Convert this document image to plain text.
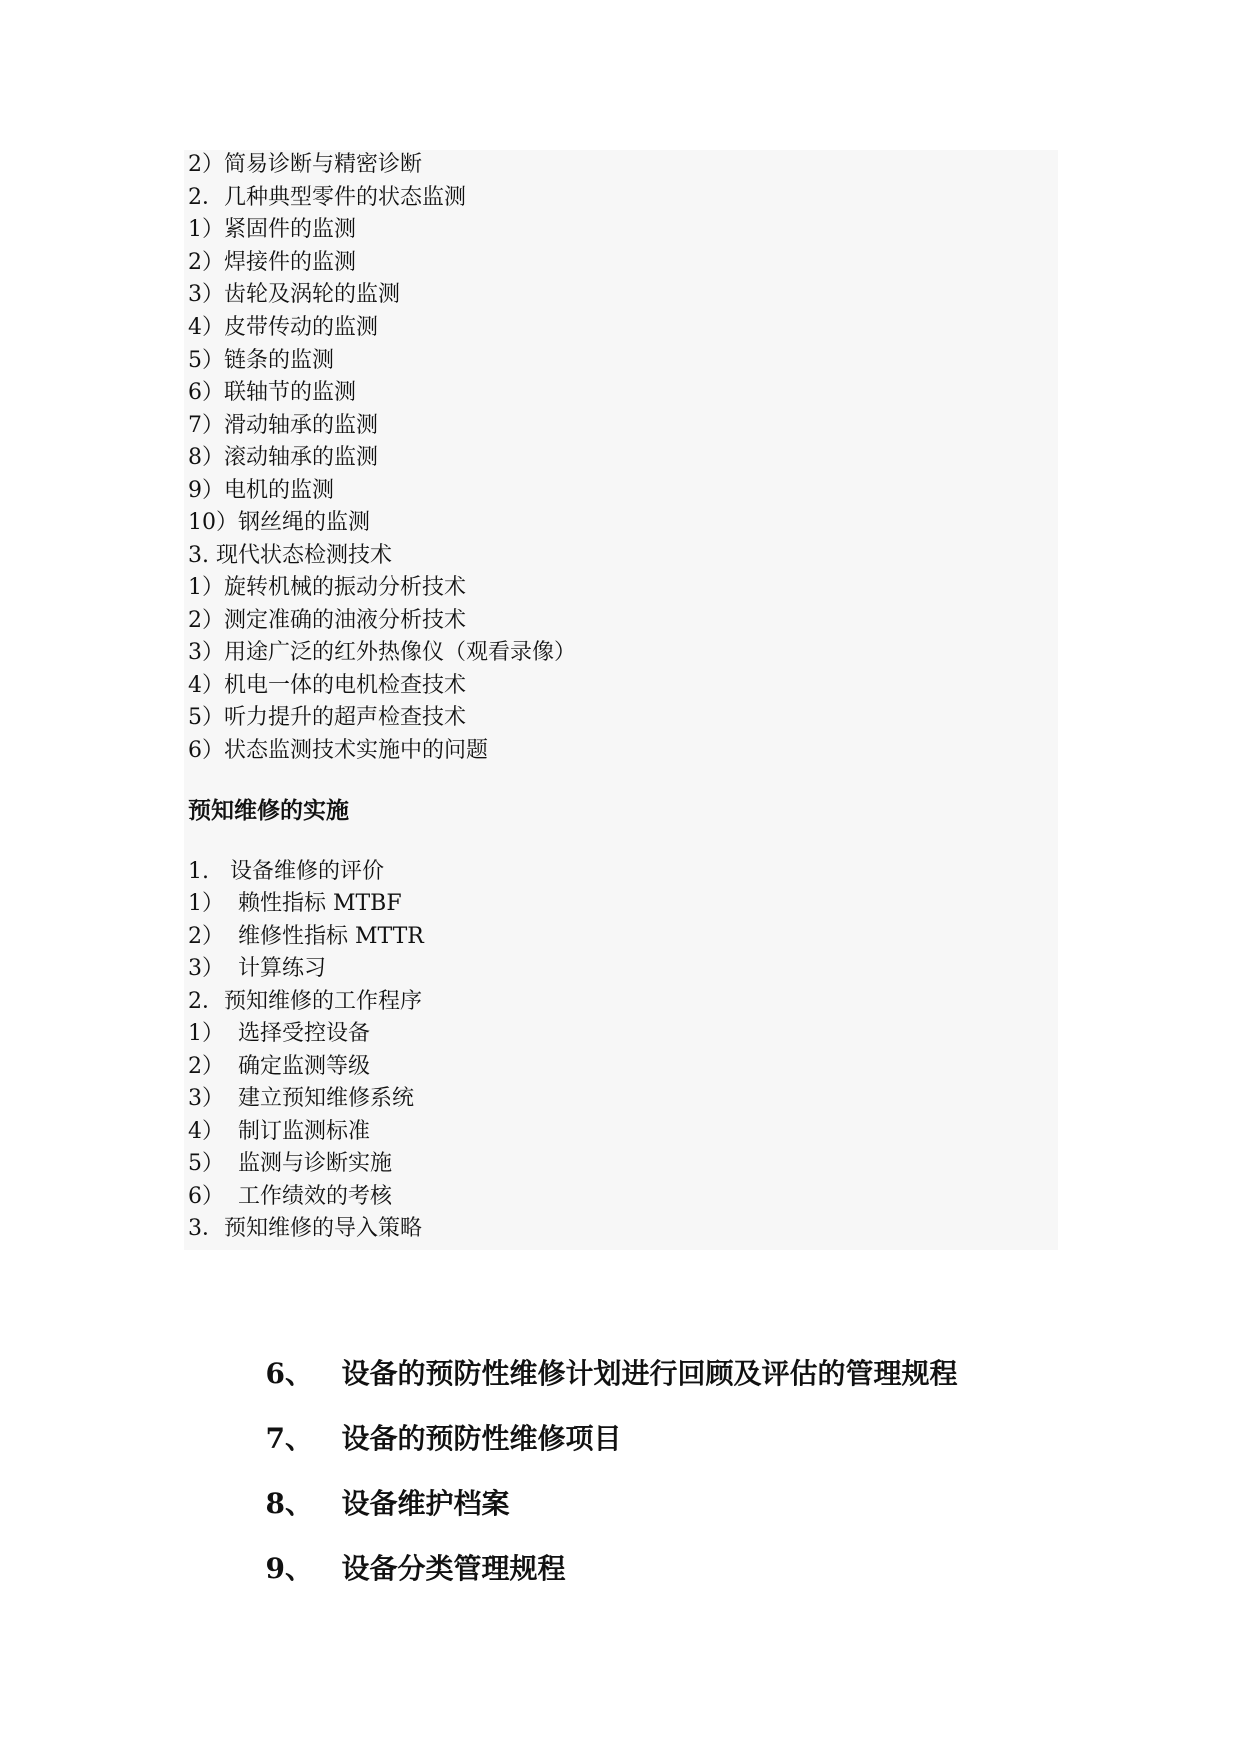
2）简易诊断与精密诊断
2．几种典型零件的状态监测
1）紧固件的监测
2）焊接件的监测
3）齿轮及涡轮的监测
4）皮带传动的监测
5）链条的监测
6）联轴节的监测
7）滑动轴承的监测
8）滚动轴承的监测
9）电机的监测
10）钢丝绳的监测
3. 现代状态检测技术
1）旋转机械的振动分析技术
2）测定准确的油液分析技术
3）用途广泛的红外热像仪（观看录像）
4）机电一体的电机检查技术
5）听力提升的超声检查技术
6）状态监测技术实施中的问题
预知维修的实施
1.   设备维修的评价
1）  赖性指标 MTBF
2）  维修性指标 MTTR
3）  计算练习
2．预知维修的工作程序
1）  选择受控设备
2）  确定监测等级
3）  建立预知维修系统
4）  制订监测标准
5）  监测与诊断实施
6）  工作绩效的考核
3．预知维修的导入策略

6、 设备的预防性维修计划进行回顾及评估的管理规程

7、 设备的预防性维修项目

8、 设备维护档案

9、 设备分类管理规程
